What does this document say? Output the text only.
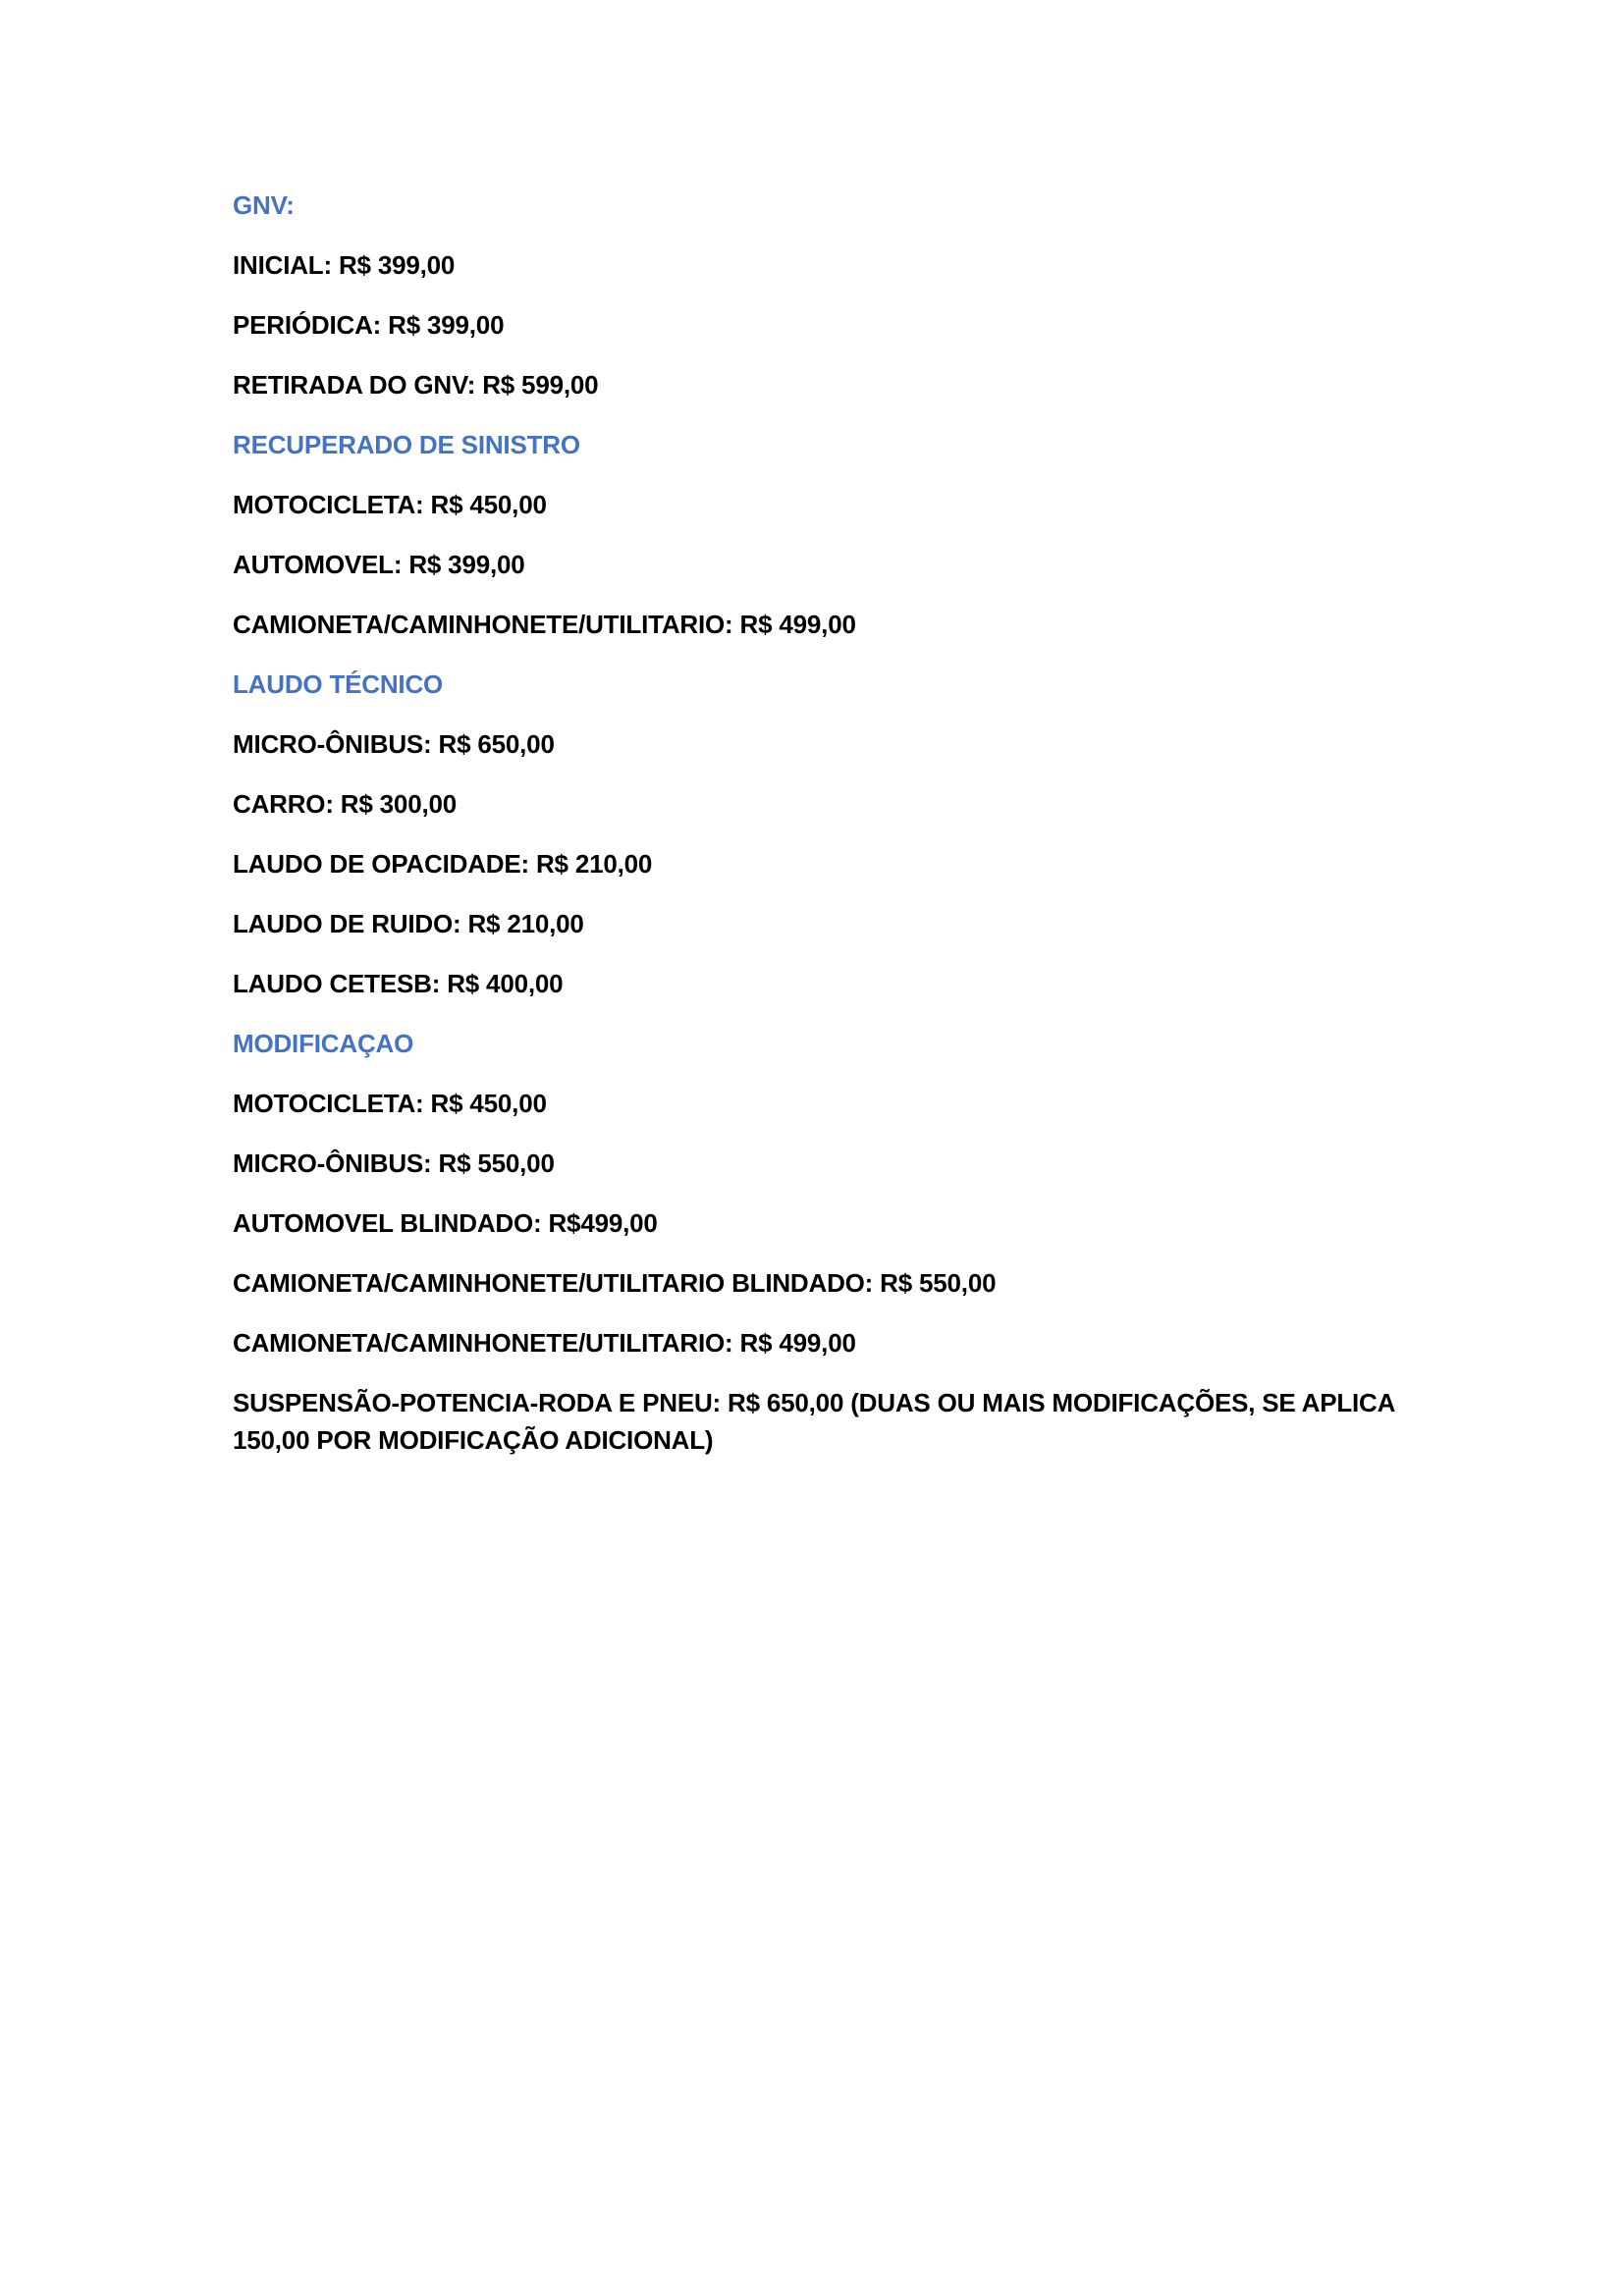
GNV:
INICIAL: R$ 399,00
PERIÓDICA: R$ 399,00
RETIRADA DO GNV: R$ 599,00
RECUPERADO DE SINISTRO
MOTOCICLETA: R$ 450,00
AUTOMOVEL: R$ 399,00
CAMIONETA/CAMINHONETE/UTILITARIO: R$ 499,00
LAUDO TÉCNICO
MICRO-ÔNIBUS: R$ 650,00
CARRO: R$ 300,00
LAUDO DE OPACIDADE: R$ 210,00
LAUDO DE RUIDO: R$ 210,00
LAUDO CETESB: R$ 400,00
MODIFICAÇAO
MOTOCICLETA: R$ 450,00
MICRO-ÔNIBUS: R$ 550,00
AUTOMOVEL BLINDADO: R$499,00
CAMIONETA/CAMINHONETE/UTILITARIO BLINDADO: R$ 550,00
CAMIONETA/CAMINHONETE/UTILITARIO: R$ 499,00
SUSPENSÃO-POTENCIA-RODA E PNEU: R$ 650,00 (DUAS OU MAIS MODIFICAÇÕES, SE APLICA 150,00 POR MODIFICAÇÃO ADICIONAL)
